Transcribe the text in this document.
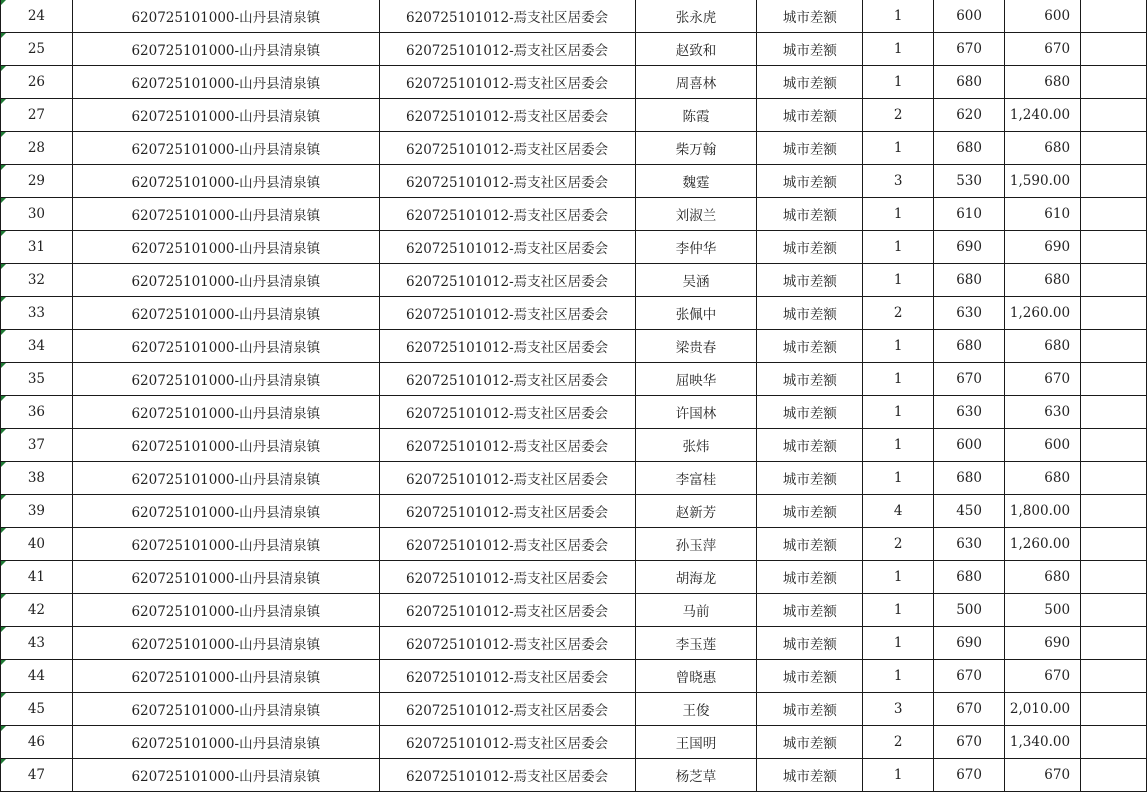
24	620725101000-山丹县清泉镇	620725101012-焉支社区居委会	张永虎	城市差额	1	600	600	

25	620725101000-山丹县清泉镇	620725101012-焉支社区居委会	赵致和	城市差额	1	670	670	

26	620725101000-山丹县清泉镇	620725101012-焉支社区居委会	周喜林	城市差额	1	680	680	

27	620725101000-山丹县清泉镇	620725101012-焉支社区居委会	陈霞	城市差额	2	620	1,240.00	

28	620725101000-山丹县清泉镇	620725101012-焉支社区居委会	柴万翰	城市差额	1	680	680	

29	620725101000-山丹县清泉镇	620725101012-焉支社区居委会	魏霆	城市差额	3	530	1,590.00	

30	620725101000-山丹县清泉镇	620725101012-焉支社区居委会	刘淑兰	城市差额	1	610	610	

31	620725101000-山丹县清泉镇	620725101012-焉支社区居委会	李仲华	城市差额	1	690	690	

32	620725101000-山丹县清泉镇	620725101012-焉支社区居委会	吴涵	城市差额	1	680	680	

33	620725101000-山丹县清泉镇	620725101012-焉支社区居委会	张佩中	城市差额	2	630	1,260.00	

34	620725101000-山丹县清泉镇	620725101012-焉支社区居委会	梁贵春	城市差额	1	680	680	

35	620725101000-山丹县清泉镇	620725101012-焉支社区居委会	屈映华	城市差额	1	670	670	

36	620725101000-山丹县清泉镇	620725101012-焉支社区居委会	许国林	城市差额	1	630	630	

37	620725101000-山丹县清泉镇	620725101012-焉支社区居委会	张炜	城市差额	1	600	600	

38	620725101000-山丹县清泉镇	620725101012-焉支社区居委会	李富桂	城市差额	1	680	680	

39	620725101000-山丹县清泉镇	620725101012-焉支社区居委会	赵新芳	城市差额	4	450	1,800.00	

40	620725101000-山丹县清泉镇	620725101012-焉支社区居委会	孙玉萍	城市差额	2	630	1,260.00	

41	620725101000-山丹县清泉镇	620725101012-焉支社区居委会	胡海龙	城市差额	1	680	680	

42	620725101000-山丹县清泉镇	620725101012-焉支社区居委会	马前	城市差额	1	500	500	

43	620725101000-山丹县清泉镇	620725101012-焉支社区居委会	李玉莲	城市差额	1	690	690	

44	620725101000-山丹县清泉镇	620725101012-焉支社区居委会	曾晓惠	城市差额	1	670	670	

45	620725101000-山丹县清泉镇	620725101012-焉支社区居委会	王俊	城市差额	3	670	2,010.00	

46	620725101000-山丹县清泉镇	620725101012-焉支社区居委会	王国明	城市差额	2	670	1,340.00	

47	620725101000-山丹县清泉镇	620725101012-焉支社区居委会	杨芝草	城市差额	1	670	670	
